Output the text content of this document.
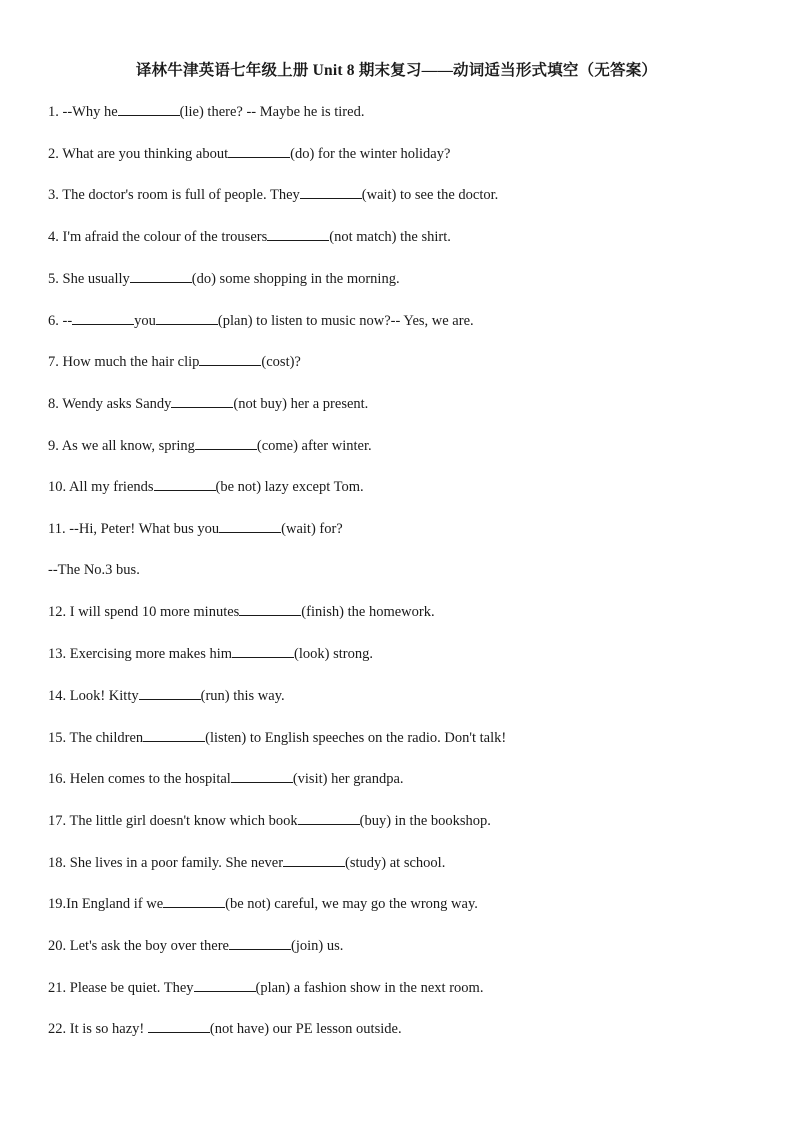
译林牛津英语七年级上册 Unit 8 期末复习——动词适当形式填空（无答案）
1. --Why he	(lie) there? -- Maybe he is tired.
2. What are you thinking about	(do) for the winter holiday?
3. The doctor's room is full of people. They	(wait) to see the doctor.
4. I'm afraid the colour of the trousers	(not match) the shirt.
5. She usually	(do) some shopping in the morning.
6. --	you	(plan) to listen to music now?-- Yes, we are.
7. How much the hair clip	(cost)?
8. Wendy asks Sandy	(not buy) her a present.
9. As we all know, spring	(come) after winter.
10. All my friends	(be not) lazy except Tom.
11. --Hi, Peter! What bus you	(wait) for?
--The No.3 bus.
12. I will spend 10 more minutes	(finish) the homework.
13. Exercising more makes him	(look) strong.
14. Look! Kitty	(run) this way.
15. The children	(listen) to English speeches on the radio. Don't talk!
16. Helen comes to the hospital	(visit) her grandpa.
17. The little girl doesn't know which book	(buy) in the bookshop.
18. She lives in a poor family. She never	(study) at school.
19.In England if we	(be not) careful, we may go the wrong way.
20. Let's ask the boy over there	(join) us.
21. Please be quiet. They	(plan) a fashion show in the next room.
22. It is so hazy!	(not have) our PE lesson outside.
